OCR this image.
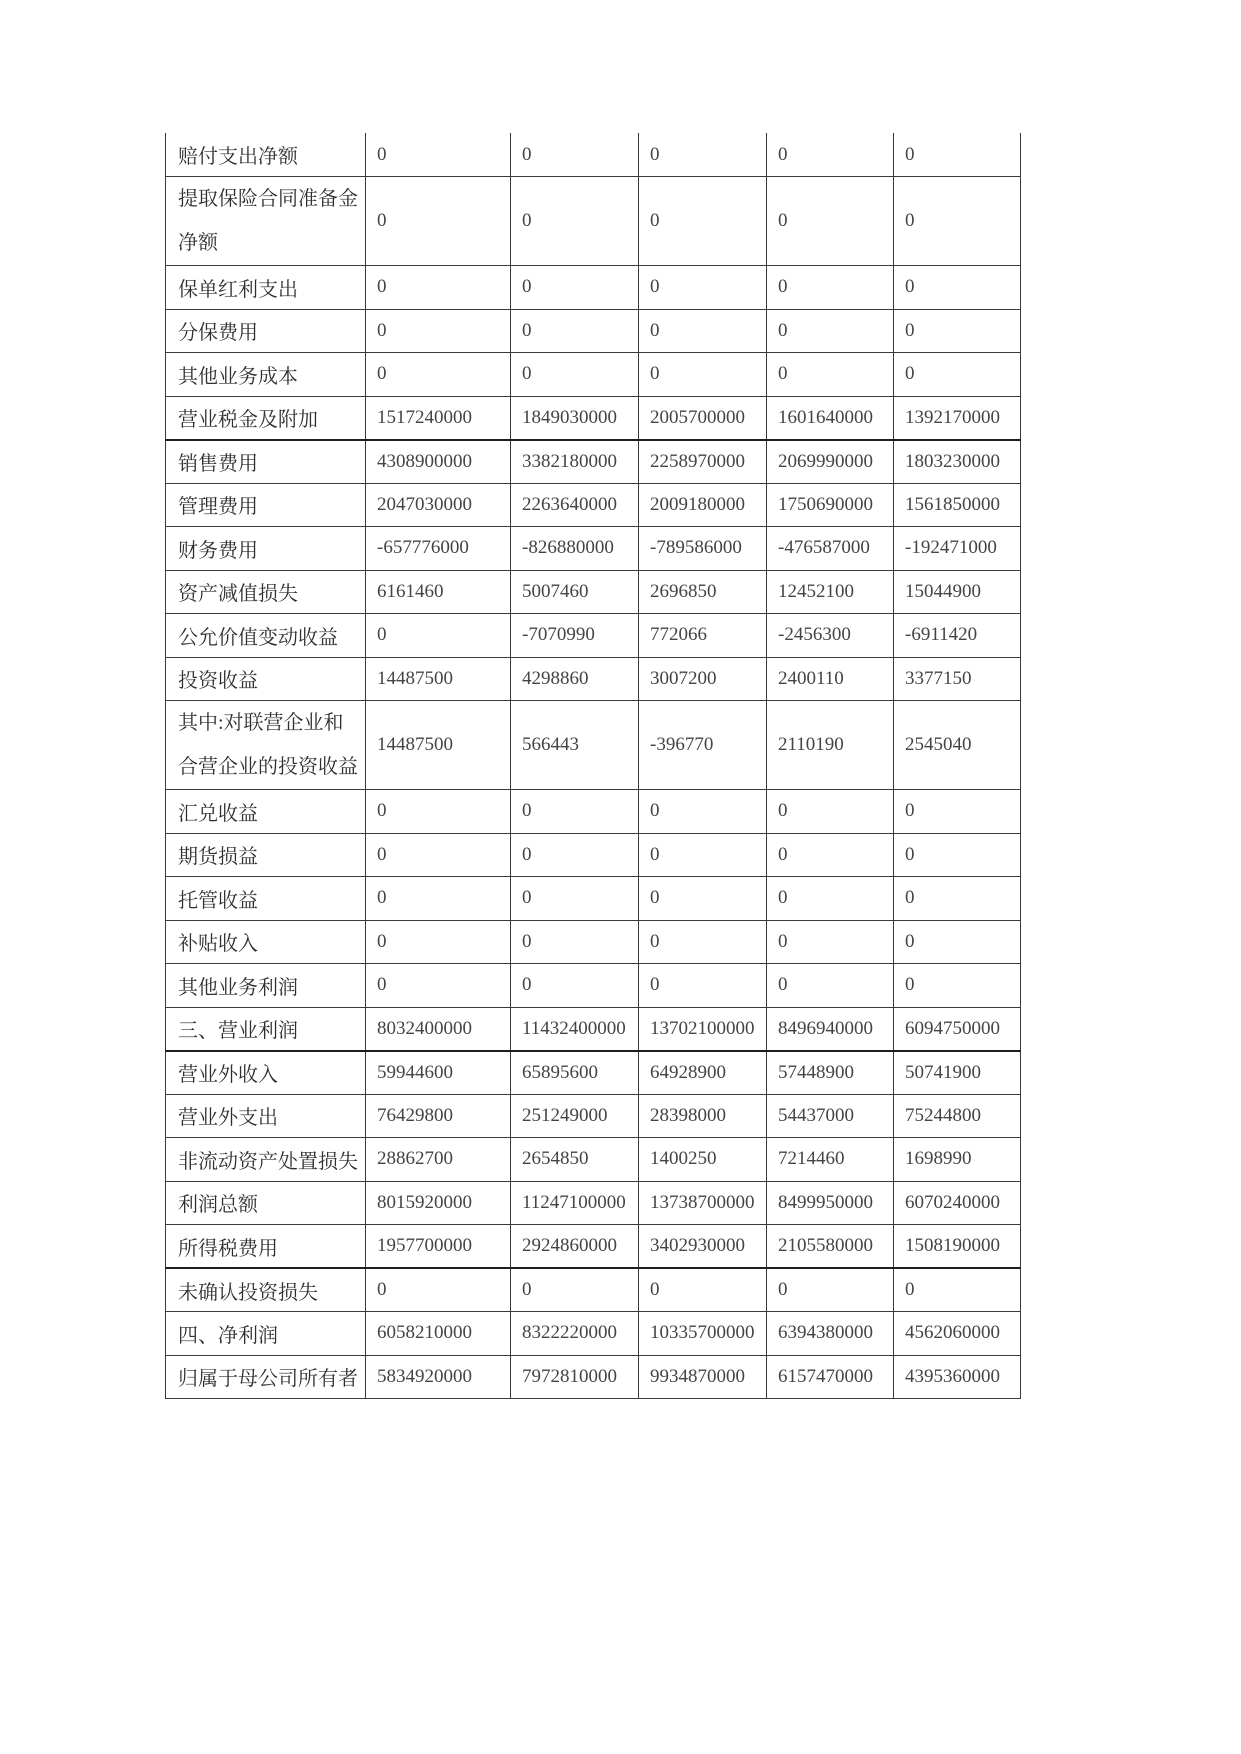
赔付支出净额	0	0	0	0	0
提取保险合同准备金净额	0	0	0	0	0
保单红利支出	0	0	0	0	0
分保费用	0	0	0	0	0
其他业务成本	0	0	0	0	0
营业税金及附加	1517240000	1849030000	2005700000	1601640000	1392170000
销售费用	4308900000	3382180000	2258970000	2069990000	1803230000
管理费用	2047030000	2263640000	2009180000	1750690000	1561850000
财务费用	-657776000	-826880000	-789586000	-476587000	-192471000
资产减值损失	6161460	5007460	2696850	12452100	15044900
公允价值变动收益	0	-7070990	772066	-2456300	-6911420
投资收益	14487500	4298860	3007200	2400110	3377150
其中:对联营企业和合营企业的投资收益	14487500	566443	-396770	2110190	2545040
汇兑收益	0	0	0	0	0
期货损益	0	0	0	0	0
托管收益	0	0	0	0	0
补贴收入	0	0	0	0	0
其他业务利润	0	0	0	0	0
三、营业利润	8032400000	11432400000	13702100000	8496940000	6094750000
营业外收入	59944600	65895600	64928900	57448900	50741900
营业外支出	76429800	251249000	28398000	54437000	75244800
非流动资产处置损失	28862700	2654850	1400250	7214460	1698990
利润总额	8015920000	11247100000	13738700000	8499950000	6070240000
所得税费用	1957700000	2924860000	3402930000	2105580000	1508190000
未确认投资损失	0	0	0	0	0
四、净利润	6058210000	8322220000	10335700000	6394380000	4562060000
归属于母公司所有者	5834920000	7972810000	9934870000	6157470000	4395360000
